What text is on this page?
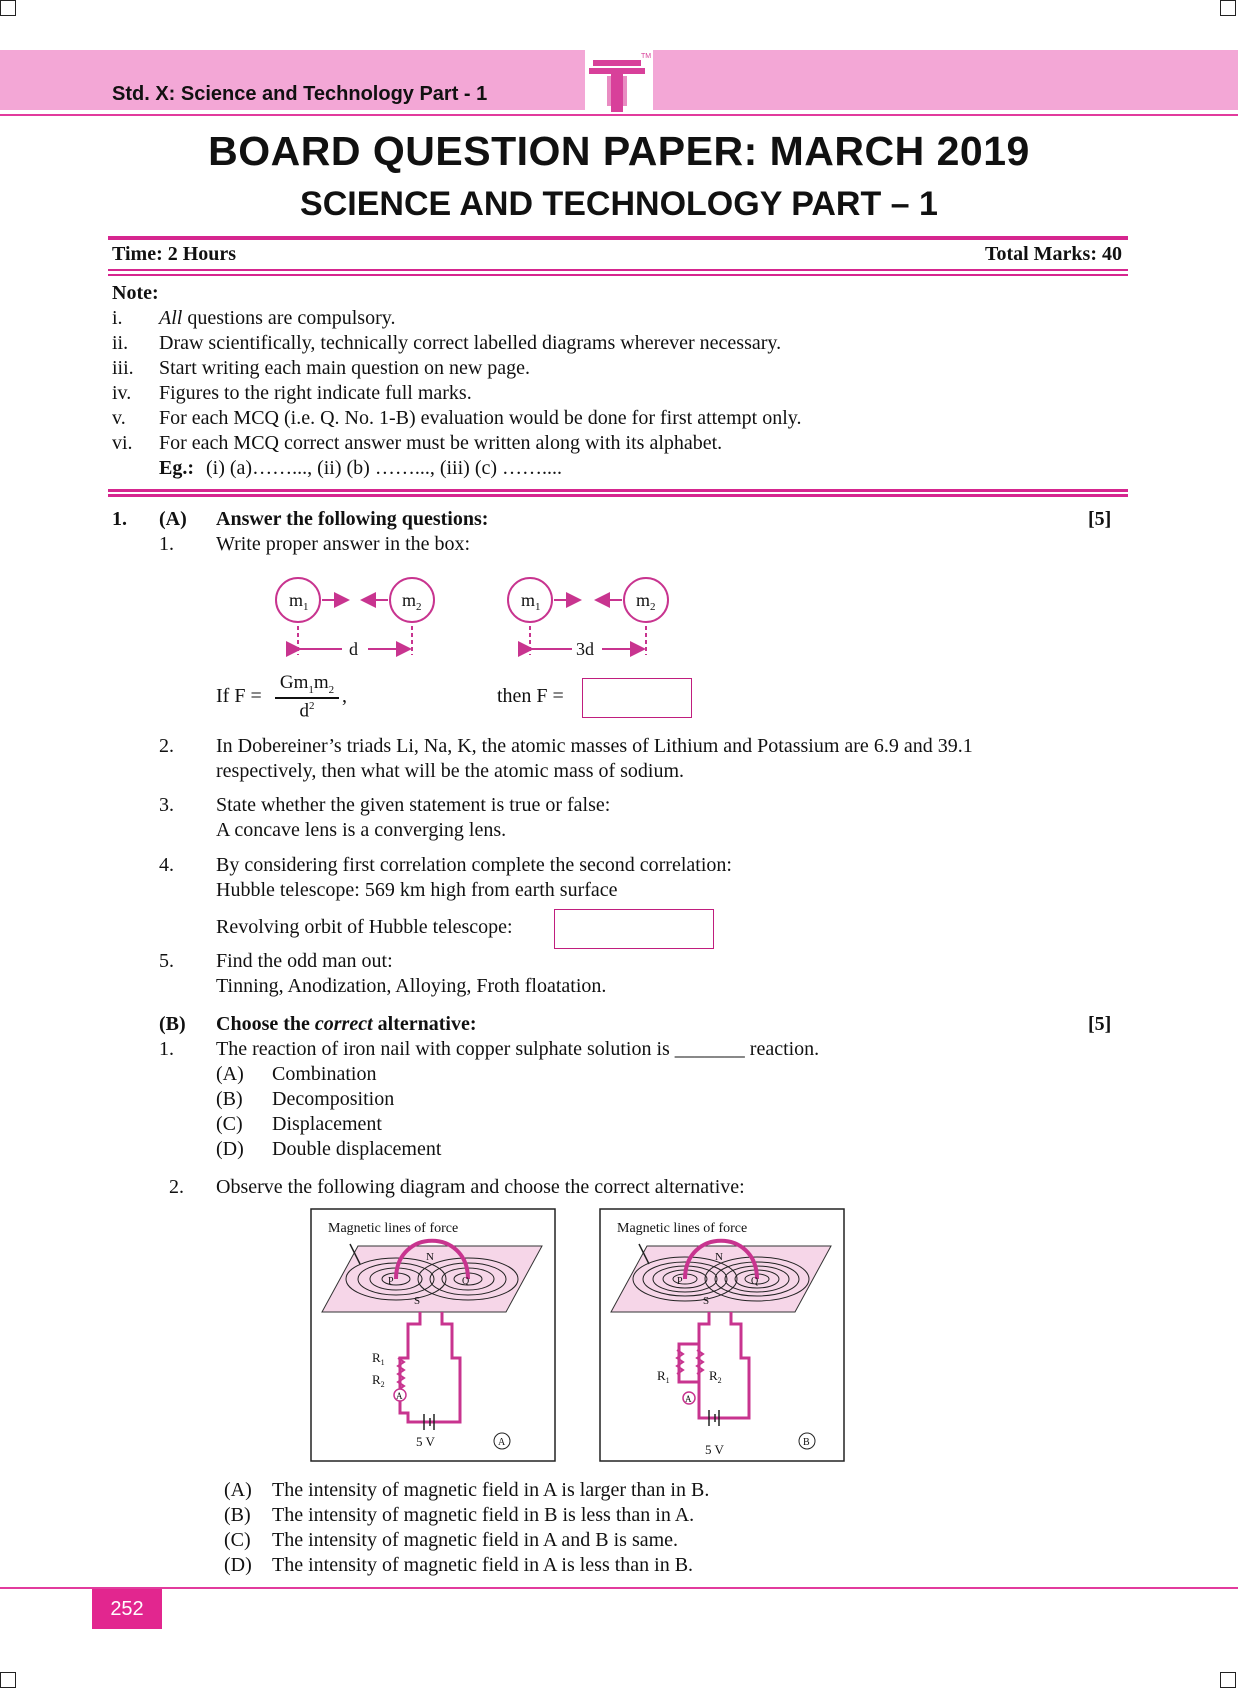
Std. X: Science and Technology Part - 1
TM
BOARD QUESTION PAPER: MARCH 2019
SCIENCE AND TECHNOLOGY PART – 1
Time: 2 Hours	Total Marks: 40
Note:
i. All questions are compulsory.
ii. Draw scientifically, technically correct labelled diagrams wherever necessary.
iii. Start writing each main question on new page.
iv. Figures to the right indicate full marks.
v. For each MCQ (i.e. Q. No. 1-B) evaluation would be done for first attempt only.
vi. For each MCQ correct answer must be written along with its alphabet.
Eg.: (i) (a)……..., (ii) (b) ……..., (iii) (c) ……....
1. (A) Answer the following questions:	[5]
1. Write proper answer in the box:
$m_1$	$m_2$
d
$m_1$	$m_2$
3d
If F =
$Gm_1m_2$
$d^2$	,	then F =
2. In Dobereiner’s triads Li, Na, K, the atomic masses of Lithium and Potassium are 6.9 and 39.1
respectively, then what will be the atomic mass of sodium.
3. State whether the given statement is true or false:
A concave lens is a converging lens.
4. By considering first correlation complete the second correlation:
Hubble telescope: 569 km high from earth surface
Revolving orbit of Hubble telescope:
5. Find the odd man out:
Tinning, Anodization, Alloying, Froth floatation.
(B) Choose the correct alternative:	[5]
1. The reaction of iron nail with copper sulphate solution is _______ reaction.
(A) Combination
(B) Decomposition
(C) Displacement
(D) Double displacement
2. Observe the following diagram and choose the correct alternative:
Magnetic lines of force
N
S
P	Q
$R_1$
$R_2$
A
5 V	A
Magnetic lines of force
N
S
P	Q
$R_1$	$R_2$
A
5 V	B
(A) The intensity of magnetic field in A is larger than in B.
(B) The intensity of magnetic field in B is less than in A.
(C) The intensity of magnetic field in A and B is same.
(D) The intensity of magnetic field in A is less than in B.
252
